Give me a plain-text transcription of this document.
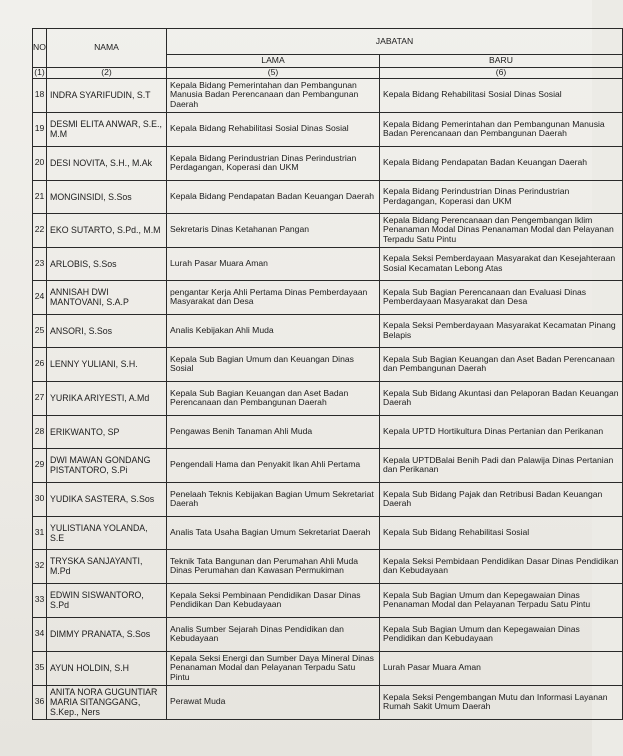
NO	NAMA	JABATAN	
		LAMA	BARU
(1)	(2)	(5)	(6)
18	INDRA SYARIFUDIN, S.T	Kepala Bidang Pemerintahan dan Pembangunan Manusia Badan Perencanaan dan Pembangunan Daerah	Kepala Bidang Rehabilitasi Sosial Dinas Sosial
19	DESMI ELITA ANWAR, S.E., M.M	Kepala Bidang Rehabilitasi Sosial Dinas Sosial	Kepala Bidang Pemerintahan dan Pembangunan Manusia Badan Perencanaan dan Pembangunan Daerah
20	DESI NOVITA, S.H., M.Ak	Kepala Bidang Perindustrian Dinas Perindustrian Perdagangan, Koperasi dan UKM	Kepala Bidang Pendapatan Badan Keuangan Daerah
21	MONGINSIDI, S.Sos	Kepala Bidang Pendapatan Badan Keuangan Daerah	Kepala Bidang Perindustrian Dinas Perindustrian Perdagangan, Koperasi dan UKM
22	EKO SUTARTO, S.Pd., M.M	Sekretaris Dinas Ketahanan Pangan	Kepala Bidang Perencanaan dan Pengembangan Iklim Penanaman Modal Dinas Penanaman Modal dan Pelayanan Terpadu Satu Pintu
23	ARLOBIS, S.Sos	Lurah Pasar Muara Aman	Kepala Seksi Pemberdayaan Masyarakat dan Kesejahteraan Sosial Kecamatan Lebong Atas
24	ANNISAH DWI MANTOVANI, S.A.P	pengantar Kerja Ahli Pertama Dinas Pemberdayaan Masyarakat dan Desa	Kepala Sub Bagian Perencanaan dan Evaluasi Dinas Pemberdayaan Masyarakat dan Desa
25	ANSORI, S.Sos	Analis Kebijakan Ahli Muda	Kepala Seksi Pemberdayaan Masyarakat Kecamatan Pinang Belapis
26	LENNY YULIANI, S.H.	Kepala Sub Bagian Umum dan Keuangan Dinas Sosial	Kepala Sub Bagian Keuangan dan Aset Badan Perencanaan dan Pembangunan Daerah
27	YURIKA ARIYESTI, A.Md	Kepala Sub Bagian Keuangan dan Aset Badan Perencanaan dan Pembangunan Daerah	Kepala Sub Bidang Akuntasi dan Pelaporan Badan Keuangan Daerah
28	ERIKWANTO, SP	Pengawas Benih Tanaman Ahli Muda	Kepala UPTD Hortikultura Dinas Pertanian dan Perikanan
29	DWI MAWAN GONDANG PISTANTORO, S.Pi	Pengendali Hama dan Penyakit Ikan Ahli Pertama	Kepala UPTDBalai Benih Padi dan Palawija Dinas Pertanian dan Perikanan
30	YUDIKA SASTERA, S.Sos	Penelaah Teknis Kebijakan Bagian Umum Sekretariat Daerah	Kepala Sub Bidang Pajak dan Retribusi Badan Keuangan Daerah
31	YULISTIANA YOLANDA, S.E	Analis Tata Usaha Bagian Umum Sekretariat Daerah	Kepala Sub Bidang Rehabilitasi Sosial
32	TRYSKA SANJAYANTI, M.Pd	Teknik Tata Bangunan dan Perumahan Ahli Muda Dinas Perumahan dan Kawasan Permukiman	Kepala Seksi Pembidaan Pendidikan Dasar Dinas Pendidikan dan Kebudayaan
33	EDWIN SISWANTORO, S.Pd	Kepala Seksi Pembinaan Pendidikan Dasar Dinas Pendidikan Dan Kebudayaan	Kepala Sub Bagian Umum dan Kepegawaian Dinas Penanaman Modal dan Pelayanan Terpadu Satu Pintu
34	DIMMY PRANATA, S.Sos	Analis Sumber Sejarah Dinas Pendidikan dan Kebudayaan	Kepala Sub Bagian Umum dan Kepegawaian Dinas Pendidikan dan Kebudayaan
35	AYUN HOLDIN, S.H	Kepala Seksi Energi dan Sumber Daya Mineral Dinas Penanaman Modal dan Pelayanan Terpadu Satu Pintu	Lurah Pasar Muara Aman
36	ANITA NORA GUGUNTIAR MARIA SITANGGANG, S.Kep., Ners	Perawat Muda	Kepala Seksi Pengembangan Mutu dan Informasi Layanan Rumah Sakit Umum Daerah
